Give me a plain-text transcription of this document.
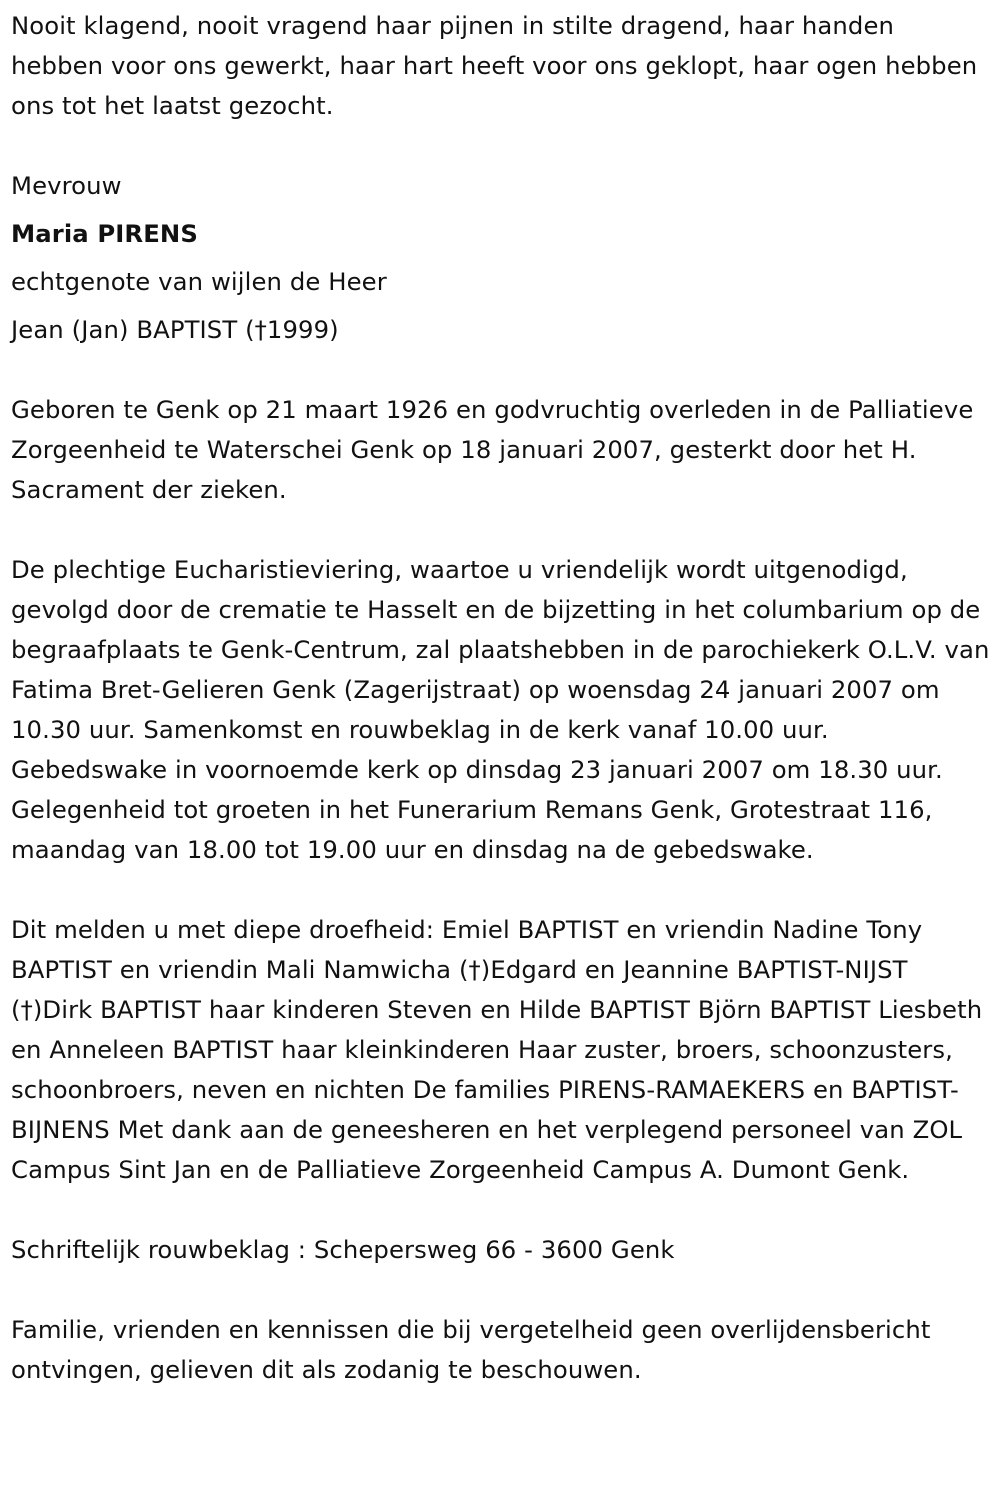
Nooit klagend, nooit vragend haar pijnen in stilte dragend, haar handen hebben voor ons gewerkt, haar hart heeft voor ons geklopt, haar ogen hebben ons tot het laatst gezocht.

Mevrouw

Maria PIRENS

echtgenote van wijlen de Heer

Jean (Jan) BAPTIST (†1999)

Geboren te Genk op 21 maart 1926 en godvruchtig overleden in de Palliatieve Zorgeenheid te Waterschei Genk op 18 januari 2007, gesterkt door het H. Sacrament der zieken.

De plechtige Eucharistieviering, waartoe u vriendelijk wordt uitgenodigd, gevolgd door de crematie te Hasselt en de bijzetting in het columbarium op de begraafplaats te Genk-Centrum, zal plaatshebben in de parochiekerk O.L.V. van Fatima Bret-Gelieren Genk (Zagerijstraat) op woensdag 24 januari 2007 om 10.30 uur. Samenkomst en rouwbeklag in de kerk vanaf 10.00 uur. Gebedswake in voornoemde kerk op dinsdag 23 januari 2007 om 18.30 uur. Gelegenheid tot groeten in het Funerarium Remans Genk, Grotestraat 116, maandag van 18.00 tot 19.00 uur en dinsdag na de gebedswake.

Dit melden u met diepe droefheid: Emiel BAPTIST en vriendin Nadine Tony BAPTIST en vriendin Mali Namwicha (†)Edgard en Jeannine BAPTIST-NIJST (†)Dirk BAPTIST haar kinderen Steven en Hilde BAPTIST Björn BAPTIST Liesbeth en Anneleen BAPTIST haar kleinkinderen Haar zuster, broers, schoonzusters, schoonbroers, neven en nichten De families PIRENS-RAMAEKERS en BAPTIST-BIJNENS Met dank aan de geneesheren en het verplegend personeel van ZOL Campus Sint Jan en de Palliatieve Zorgeenheid Campus A. Dumont Genk.

Schriftelijk rouwbeklag : Schepersweg 66 - 3600 Genk

Familie, vrienden en kennissen die bij vergetelheid geen overlijdensbericht ontvingen, gelieven dit als zodanig te beschouwen.
